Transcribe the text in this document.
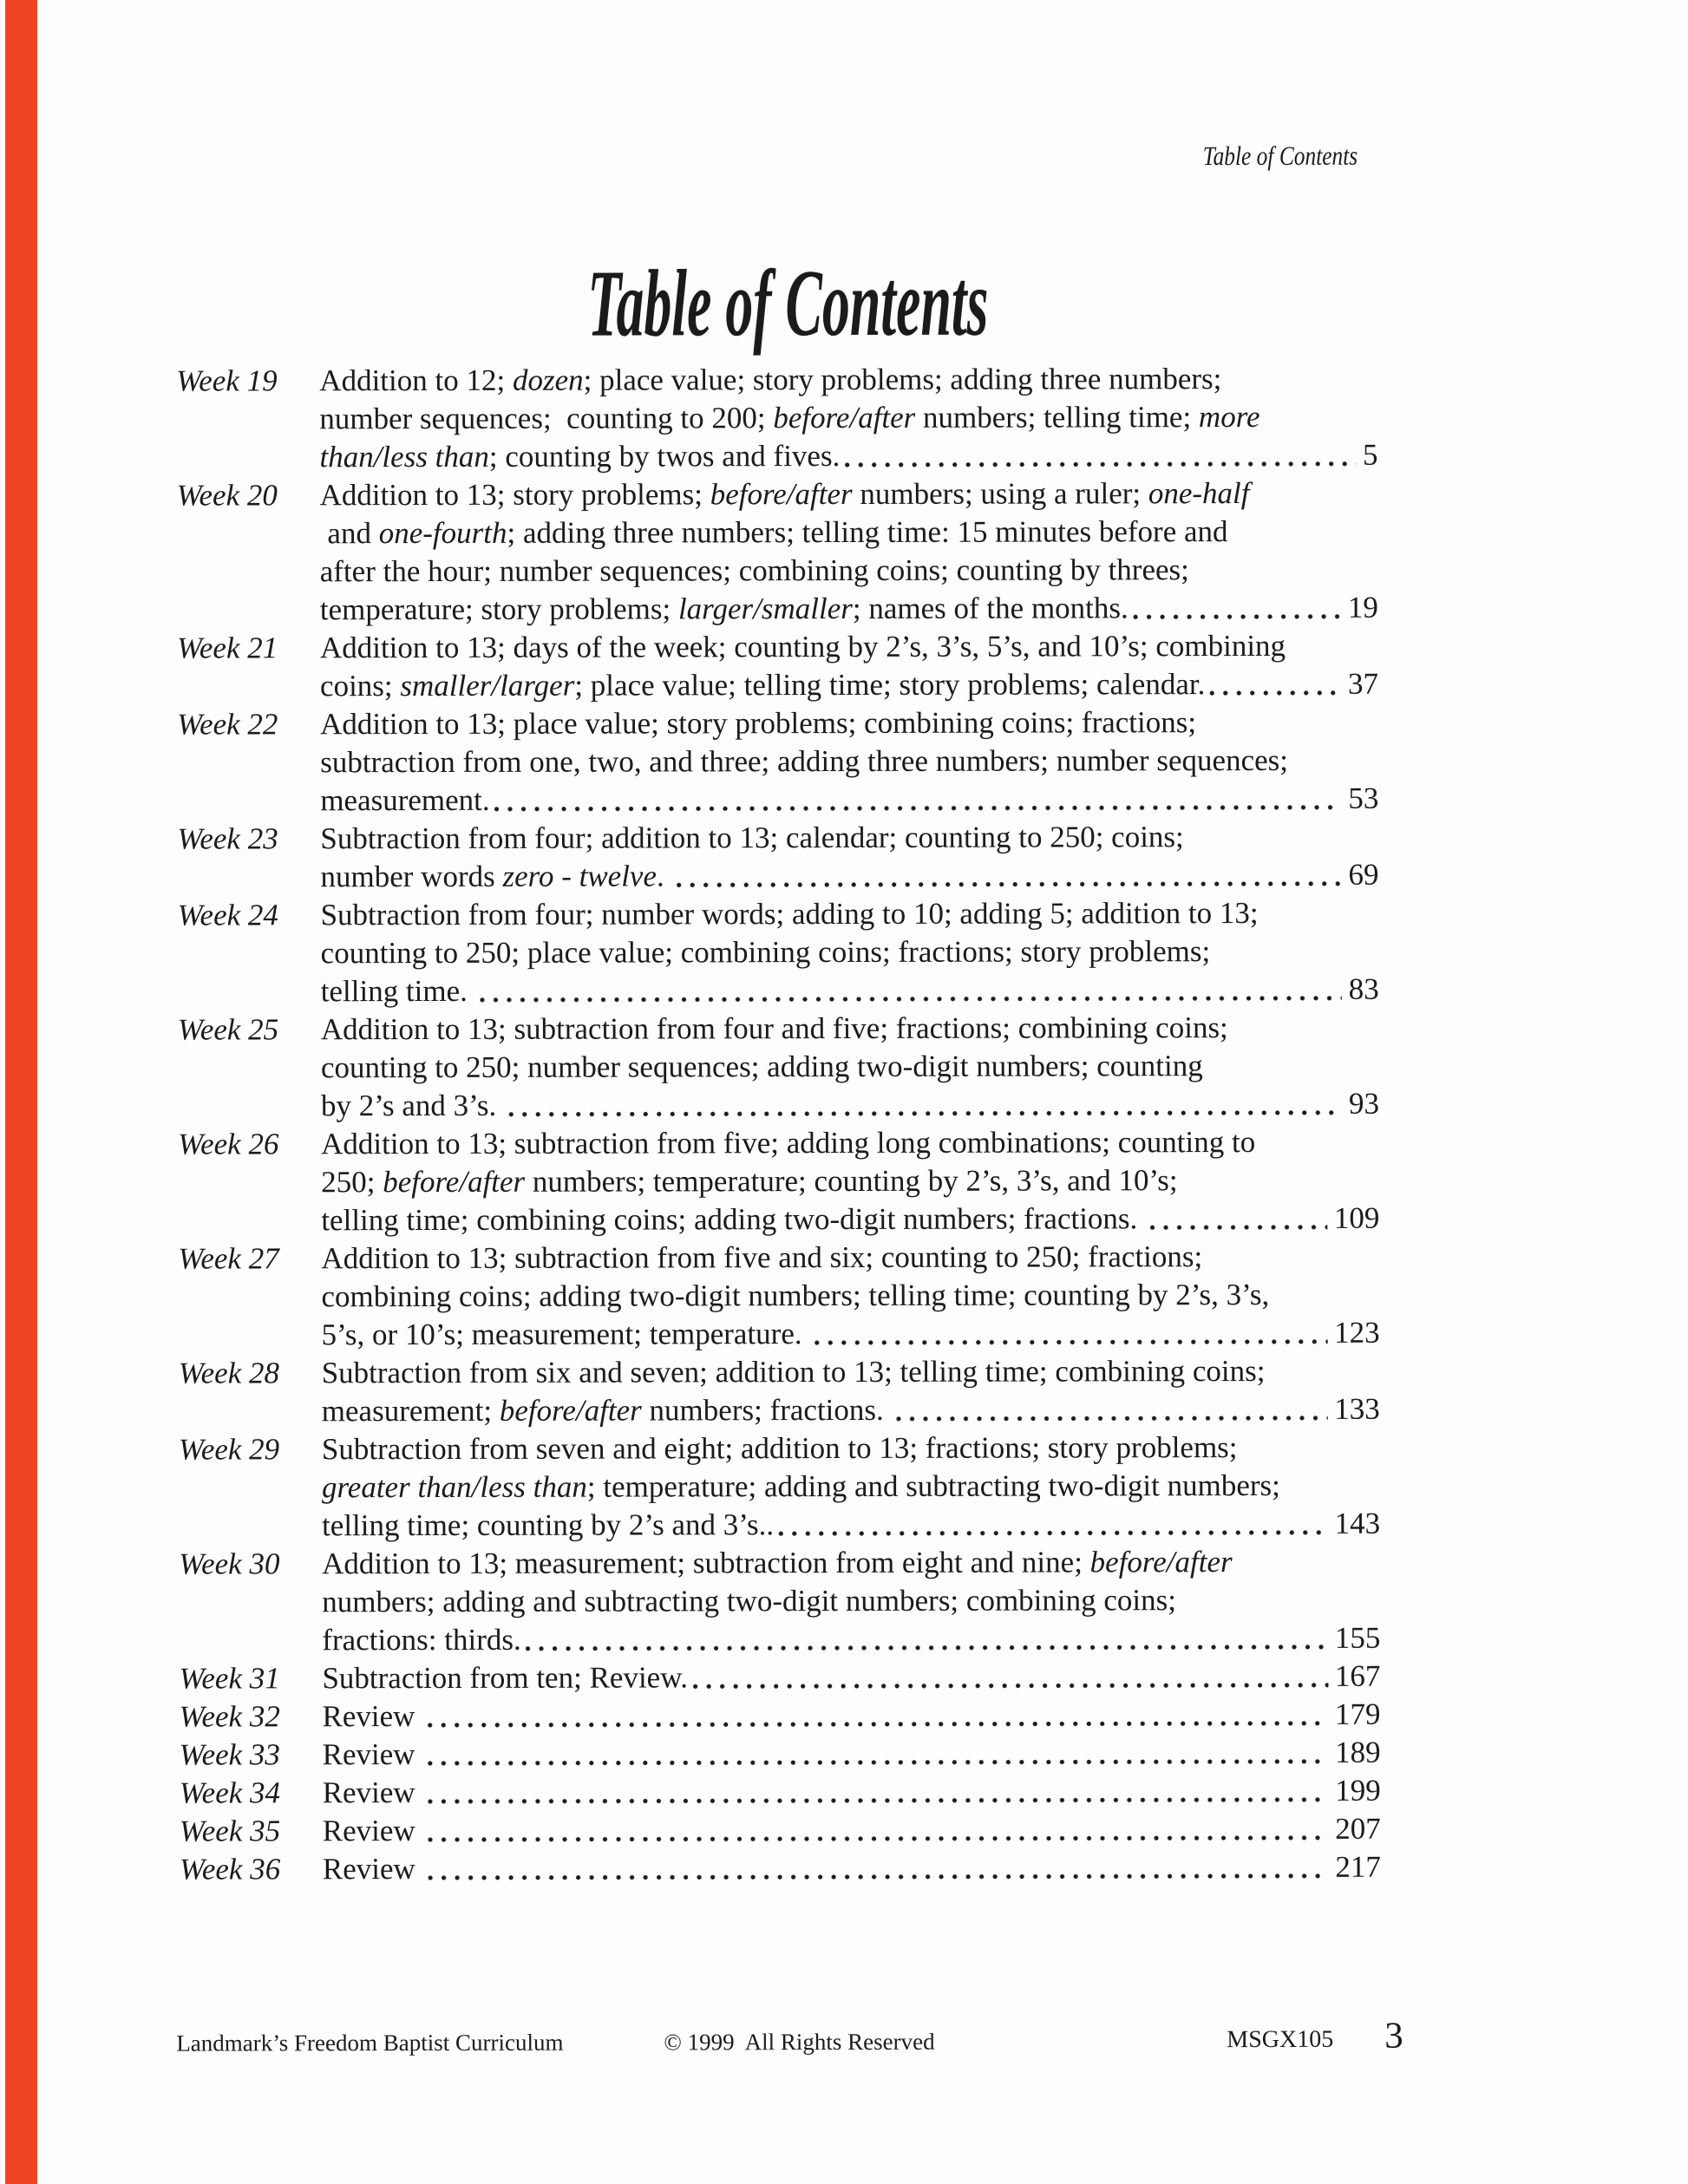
Table of Contents
Table of Contents
Week 19	Addition to 12; dozen; place value; story problems; adding three numbers;
number sequences;  counting to 200; before/after numbers; telling time; more
than/less than; counting by twos and fives.	5
Week 20	Addition to 13; story problems; before/after numbers; using a ruler; one-half
and one-fourth; adding three numbers; telling time: 15 minutes before and
after the hour; number sequences; combining coins; counting by threes;
temperature; story problems; larger/smaller; names of the months.	19
Week 21	Addition to 13; days of the week; counting by 2’s, 3’s, 5’s, and 10’s; combining
coins; smaller/larger; place value; telling time; story problems; calendar.	37
Week 22	Addition to 13; place value; story problems; combining coins; fractions;
subtraction from one, two, and three; adding three numbers; number sequences;
measurement.	53
Week 23	Subtraction from four; addition to 13; calendar; counting to 250; coins;
number words zero - twelve.	69
Week 24	Subtraction from four; number words; adding to 10; adding 5; addition to 13;
counting to 250; place value; combining coins; fractions; story problems;
telling time.	83
Week 25	Addition to 13; subtraction from four and five; fractions; combining coins;
counting to 250; number sequences; adding two-digit numbers; counting
by 2’s and 3’s.	93
Week 26	Addition to 13; subtraction from five; adding long combinations; counting to
250; before/after numbers; temperature; counting by 2’s, 3’s, and 10’s;
telling time; combining coins; adding two-digit numbers; fractions.	109
Week 27	Addition to 13; subtraction from five and six; counting to 250; fractions;
combining coins; adding two-digit numbers; telling time; counting by 2’s, 3’s,
5’s, or 10’s; measurement; temperature.	123
Week 28	Subtraction from six and seven; addition to 13; telling time; combining coins;
measurement; before/after numbers; fractions.	133
Week 29	Subtraction from seven and eight; addition to 13; fractions; story problems;
greater than/less than; temperature; adding and subtracting two-digit numbers;
telling time; counting by 2’s and 3’s..	143
Week 30	Addition to 13; measurement; subtraction from eight and nine; before/after
numbers; adding and subtracting two-digit numbers; combining coins;
fractions: thirds.	155
Week 31	Subtraction from ten; Review.	167
Week 32	Review	179
Week 33	Review	189
Week 34	Review	199
Week 35	Review	207
Week 36	Review	217
Landmark’s Freedom Baptist Curriculum	© 1999  All Rights Reserved	MSGX105 3
